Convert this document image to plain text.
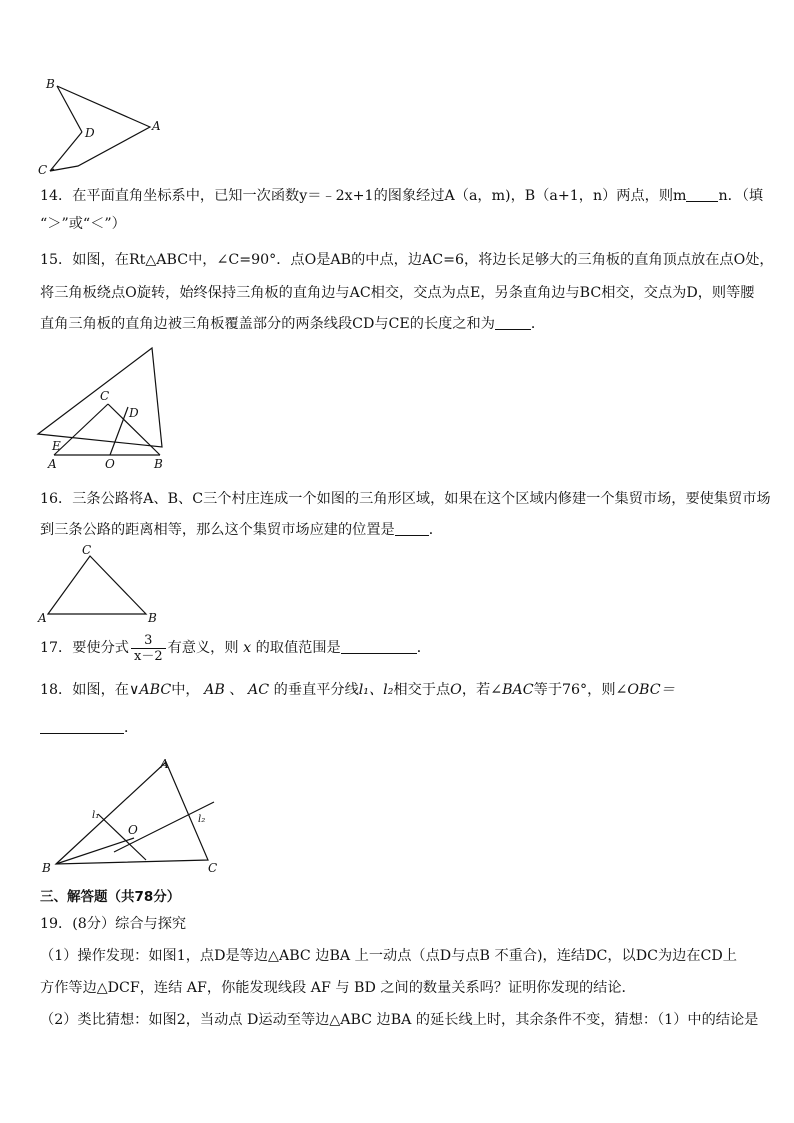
B
D	A
C
14．在平面直角坐标系中，已知一次函数y＝﹣2x+1的图象经过A（a，m)，B（a+1，n）两点，则m n．（填
“＞”或“＜”）
15．如图，在Rt△ABC中，∠C=90°．点O是AB的中点，边AC=6，将边长足够大的三角板的直角顶点放在点O处，
将三角板绕点O旋转，始终保持三角板的直角边与AC相交，交点为点E，另条直角边与BC相交，交点为D，则等腰
直角三角板的直角边被三角板覆盖部分的两条线段CD与CE的长度之和为	．
C
D
E
A	O	B
16．三条公路将A、B、C三个村庄连成一个如图的三角形区域，如果在这个区域内修建一个集贸市场，要使集贸市场
到三条公路的距离相等，那么这个集贸市场应建的位置是 ．
C
A	B
17．要使分式 $\frac{3}{x-2}$ 有意义，则 x 的取值范围是	．
18．如图，在∨ABC中， AB 、 AC 的垂直平分线l₁、l₂相交于点O，若∠BAC等于76°，则∠OBC＝
．
A
B	C
O
l₁	l₂
三、解答题（共78分）
19．(8分）综合与探究
（1）操作发现：如图1，点D是等边△ABC 边BA 上一动点（点D与点B 不重合)，连结DC，以DC为边在CD上
方作等边△DCF，连结 AF，你能发现线段 AF 与 BD 之间的数量关系吗？证明你发现的结论．
（2）类比猜想：如图2，当动点 D运动至等边△ABC 边BA 的延长线上时，其余条件不变，猜想：（1）中的结论是
